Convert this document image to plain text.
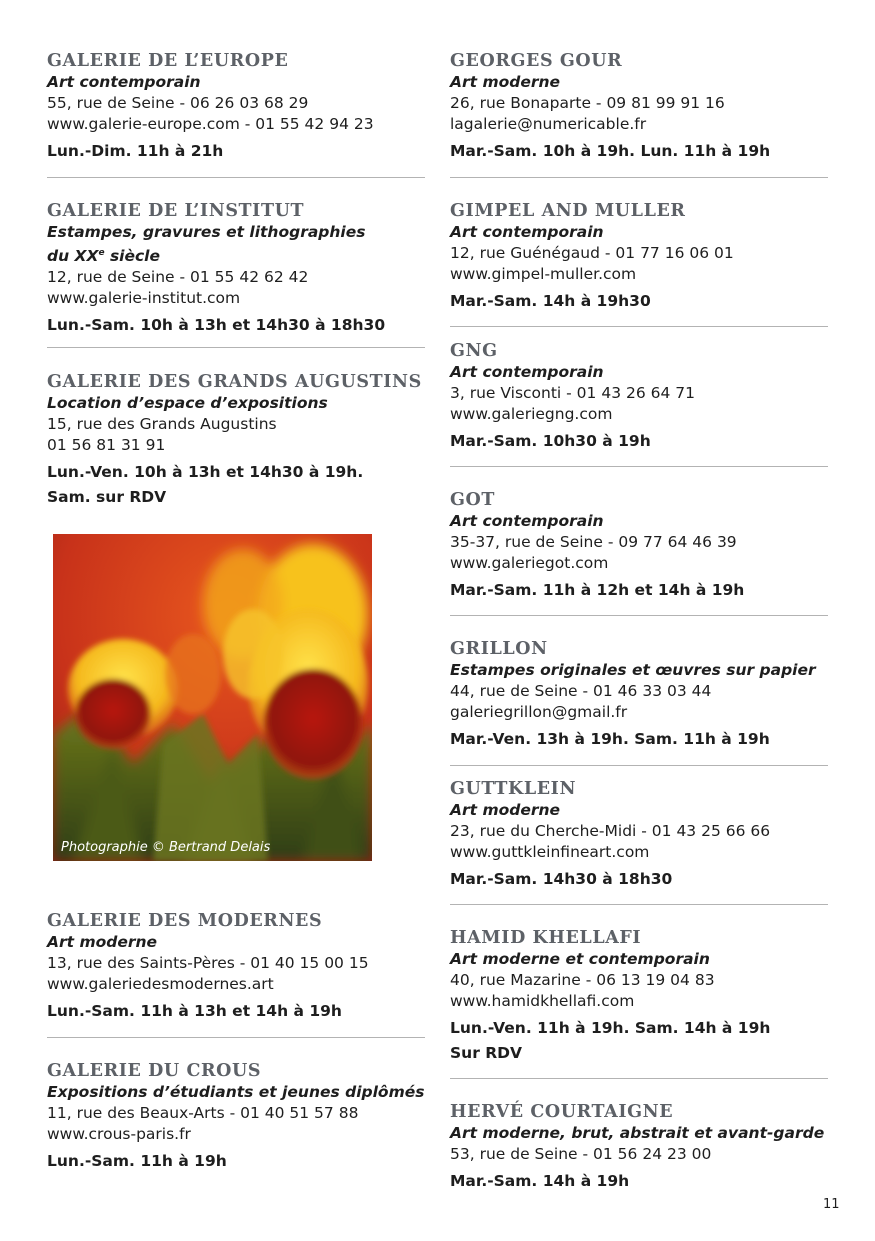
GALERIE DE L’EUROPE
Art contemporain
55, rue de Seine - 06 26 03 68 29
www.galerie-europe.com - 01 55 42 94 23
Lun.-Dim. 11h à 21h
GALERIE DE L’INSTITUT
Estampes, gravures et lithographies
du XXe siècle
12, rue de Seine - 01 55 42 62 42
www.galerie-institut.com
Lun.-Sam. 10h à 13h et 14h30 à 18h30
GALERIE DES GRANDS AUGUSTINS
Location d’espace d’expositions
15, rue des Grands Augustins
01 56 81 31 91
Lun.-Ven. 10h à 13h et 14h30 à 19h.
Sam. sur RDV
GALERIE DES MODERNES
Art moderne
13, rue des Saints-Pères - 01 40 15 00 15
www.galeriedesmodernes.art
Lun.-Sam. 11h à 13h et 14h à 19h
GALERIE DU CROUS
Expositions d’étudiants et jeunes diplômés
11, rue des Beaux-Arts - 01 40 51 57 88
www.crous-paris.fr
Lun.-Sam. 11h à 19h
Photographie © Bertrand Delais
GEORGES GOUR
Art moderne
26, rue Bonaparte - 09 81 99 91 16
lagalerie@numericable.fr
Mar.-Sam. 10h à 19h. Lun. 11h à 19h
GIMPEL AND MULLER
Art contemporain
12, rue Guénégaud - 01 77 16 06 01
www.gimpel-muller.com
Mar.-Sam. 14h à 19h30
GNG
Art contemporain
3, rue Visconti - 01 43 26 64 71
www.galeriegng.com
Mar.-Sam. 10h30 à 19h
GOT
Art contemporain
35-37, rue de Seine - 09 77 64 46 39
www.galeriegot.com
Mar.-Sam. 11h à 12h et 14h à 19h
GRILLON
Estampes originales et œuvres sur papier
44, rue de Seine - 01 46 33 03 44
galeriegrillon@gmail.fr
Mar.-Ven. 13h à 19h. Sam. 11h à 19h
GUTTKLEIN
Art moderne
23, rue du Cherche-Midi - 01 43 25 66 66
www.guttkleinfineart.com
Mar.-Sam. 14h30 à 18h30
HAMID KHELLAFI
Art moderne et contemporain
40, rue Mazarine - 06 13 19 04 83
www.hamidkhellafi.com
Lun.-Ven. 11h à 19h. Sam. 14h à 19h
Sur RDV
HERVÉ COURTAIGNE
Art moderne, brut, abstrait et avant-garde
53, rue de Seine - 01 56 24 23 00
Mar.-Sam. 14h à 19h
11
